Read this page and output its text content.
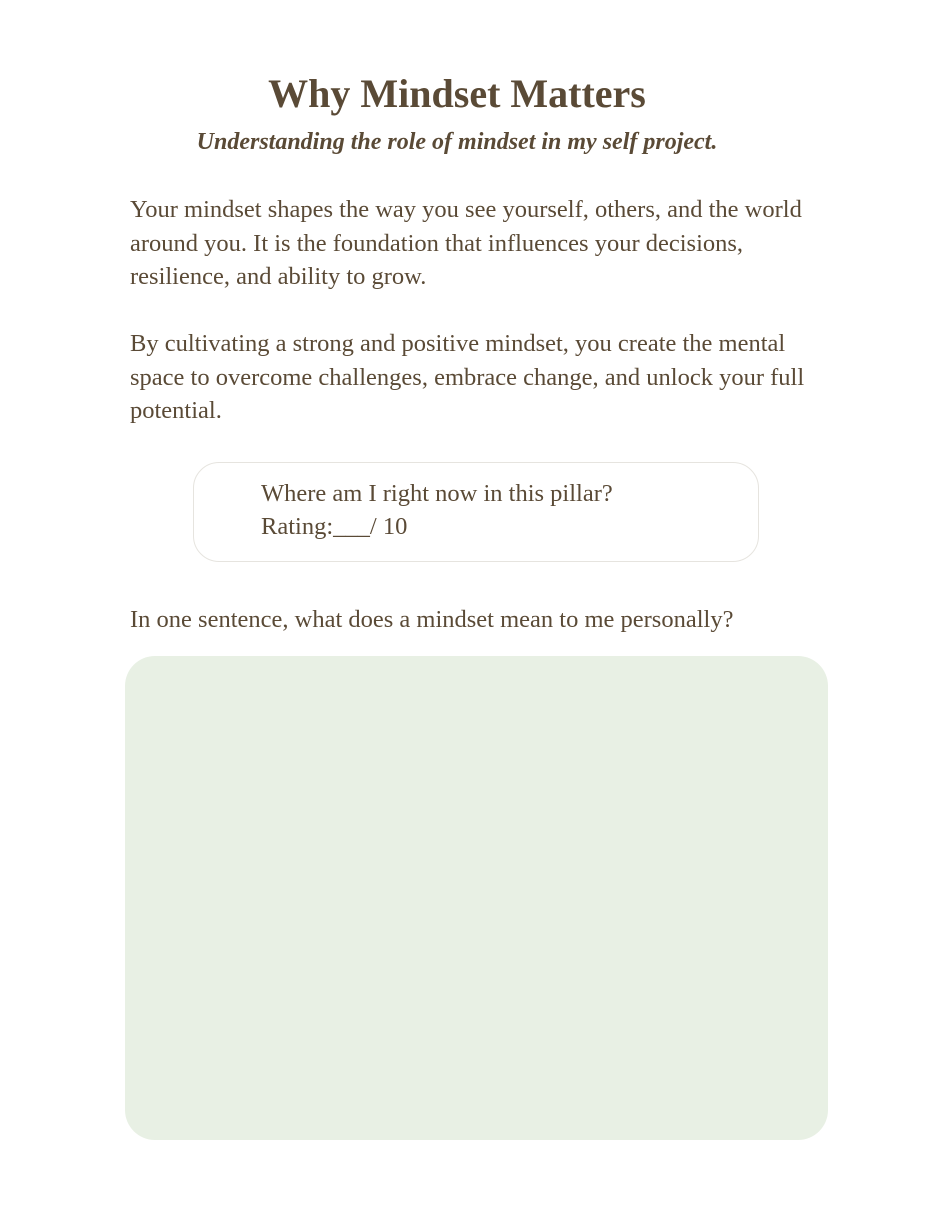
Why Mindset Matters

Understanding the role of mindset in my self project.

Your mindset shapes the way you see yourself, others, and the world around you. It is the foundation that influences your decisions, resilience, and ability to grow.

By cultivating a strong and positive mindset, you create the mental space to overcome challenges, embrace change, and unlock your full potential.

Where am I right now in this pillar?
Rating:___/ 10

In one sentence, what does a mindset mean to me personally?
